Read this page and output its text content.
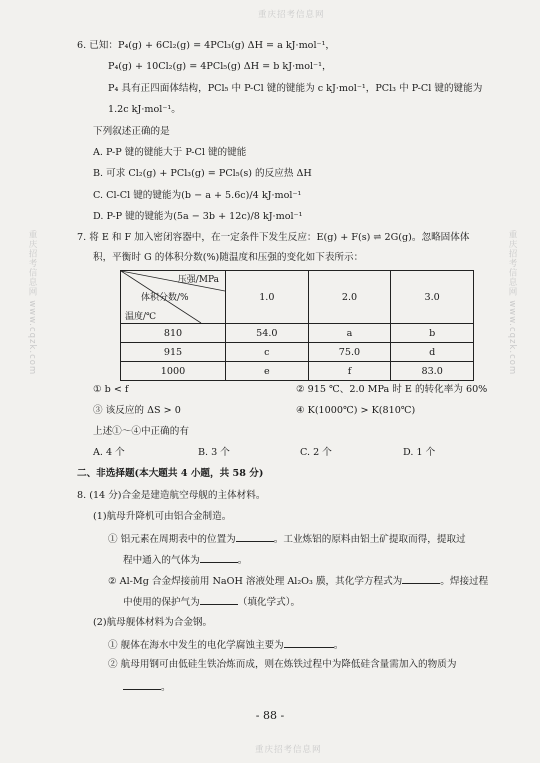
重庆招考信息网
重庆招考信息网
重庆招考信息网 www.cqzk.com	重庆招考信息网 www.cqzk.com
6. 已知：P₄(g) + 6Cl₂(g) = 4PCl₃(g) ΔH = a kJ·mol⁻¹，
P₄(g) + 10Cl₂(g) = 4PCl₅(g) ΔH = b kJ·mol⁻¹，
P₄ 具有正四面体结构，PCl₅ 中 P-Cl 键的键能为 c kJ·mol⁻¹，PCl₃ 中 P-Cl 键的键能为
1.2c kJ·mol⁻¹。
下列叙述正确的是
A. P-P 键的键能大于 P-Cl 键的键能
B. 可求 Cl₂(g) + PCl₃(g) = PCl₅(s) 的反应热 ΔH
C. Cl-Cl 键的键能为(b − a + 5.6c)/4 kJ·mol⁻¹
D. P-P 键的键能为(5a − 3b + 12c)/8 kJ·mol⁻¹
7. 将 E 和 F 加入密闭容器中，在一定条件下发生反应：E(g) + F(s) ⇌ 2G(g)。忽略固体体
积，平衡时 G 的体积分数(%)随温度和压强的变化如下表所示：
压强/MPa
体积分数/%
温度/℃	1.0	2.0	3.0
810	54.0	a	b
915	c	75.0	d
1000	e	f	83.0
① b < f	② 915 ℃、2.0 MPa 时 E 的转化率为 60%
③ 该反应的 ΔS > 0	④ K(1000℃) > K(810℃)
上述①～④中正确的有
A. 4 个	B. 3 个	C. 2 个	D. 1 个
二、非选择题(本大题共 4 小题，共 58 分)
8. (14 分)合金是建造航空母舰的主体材料。
(1)航母升降机可由铝合金制造。
① 铝元素在周期表中的位置为	。工业炼铝的原料由铝土矿提取而得，提取过
程中通入的气体为	。
② Al-Mg 合金焊接前用 NaOH 溶液处理 Al₂O₃ 膜，其化学方程式为	。焊接过程
中使用的保护气为	（填化学式）。
(2)航母舰体材料为合金钢。
① 舰体在海水中发生的电化学腐蚀主要为	。
② 航母用钢可由低硅生铁冶炼而成，则在炼铁过程中为降低硅含量需加入的物质为
。
- 88 -
